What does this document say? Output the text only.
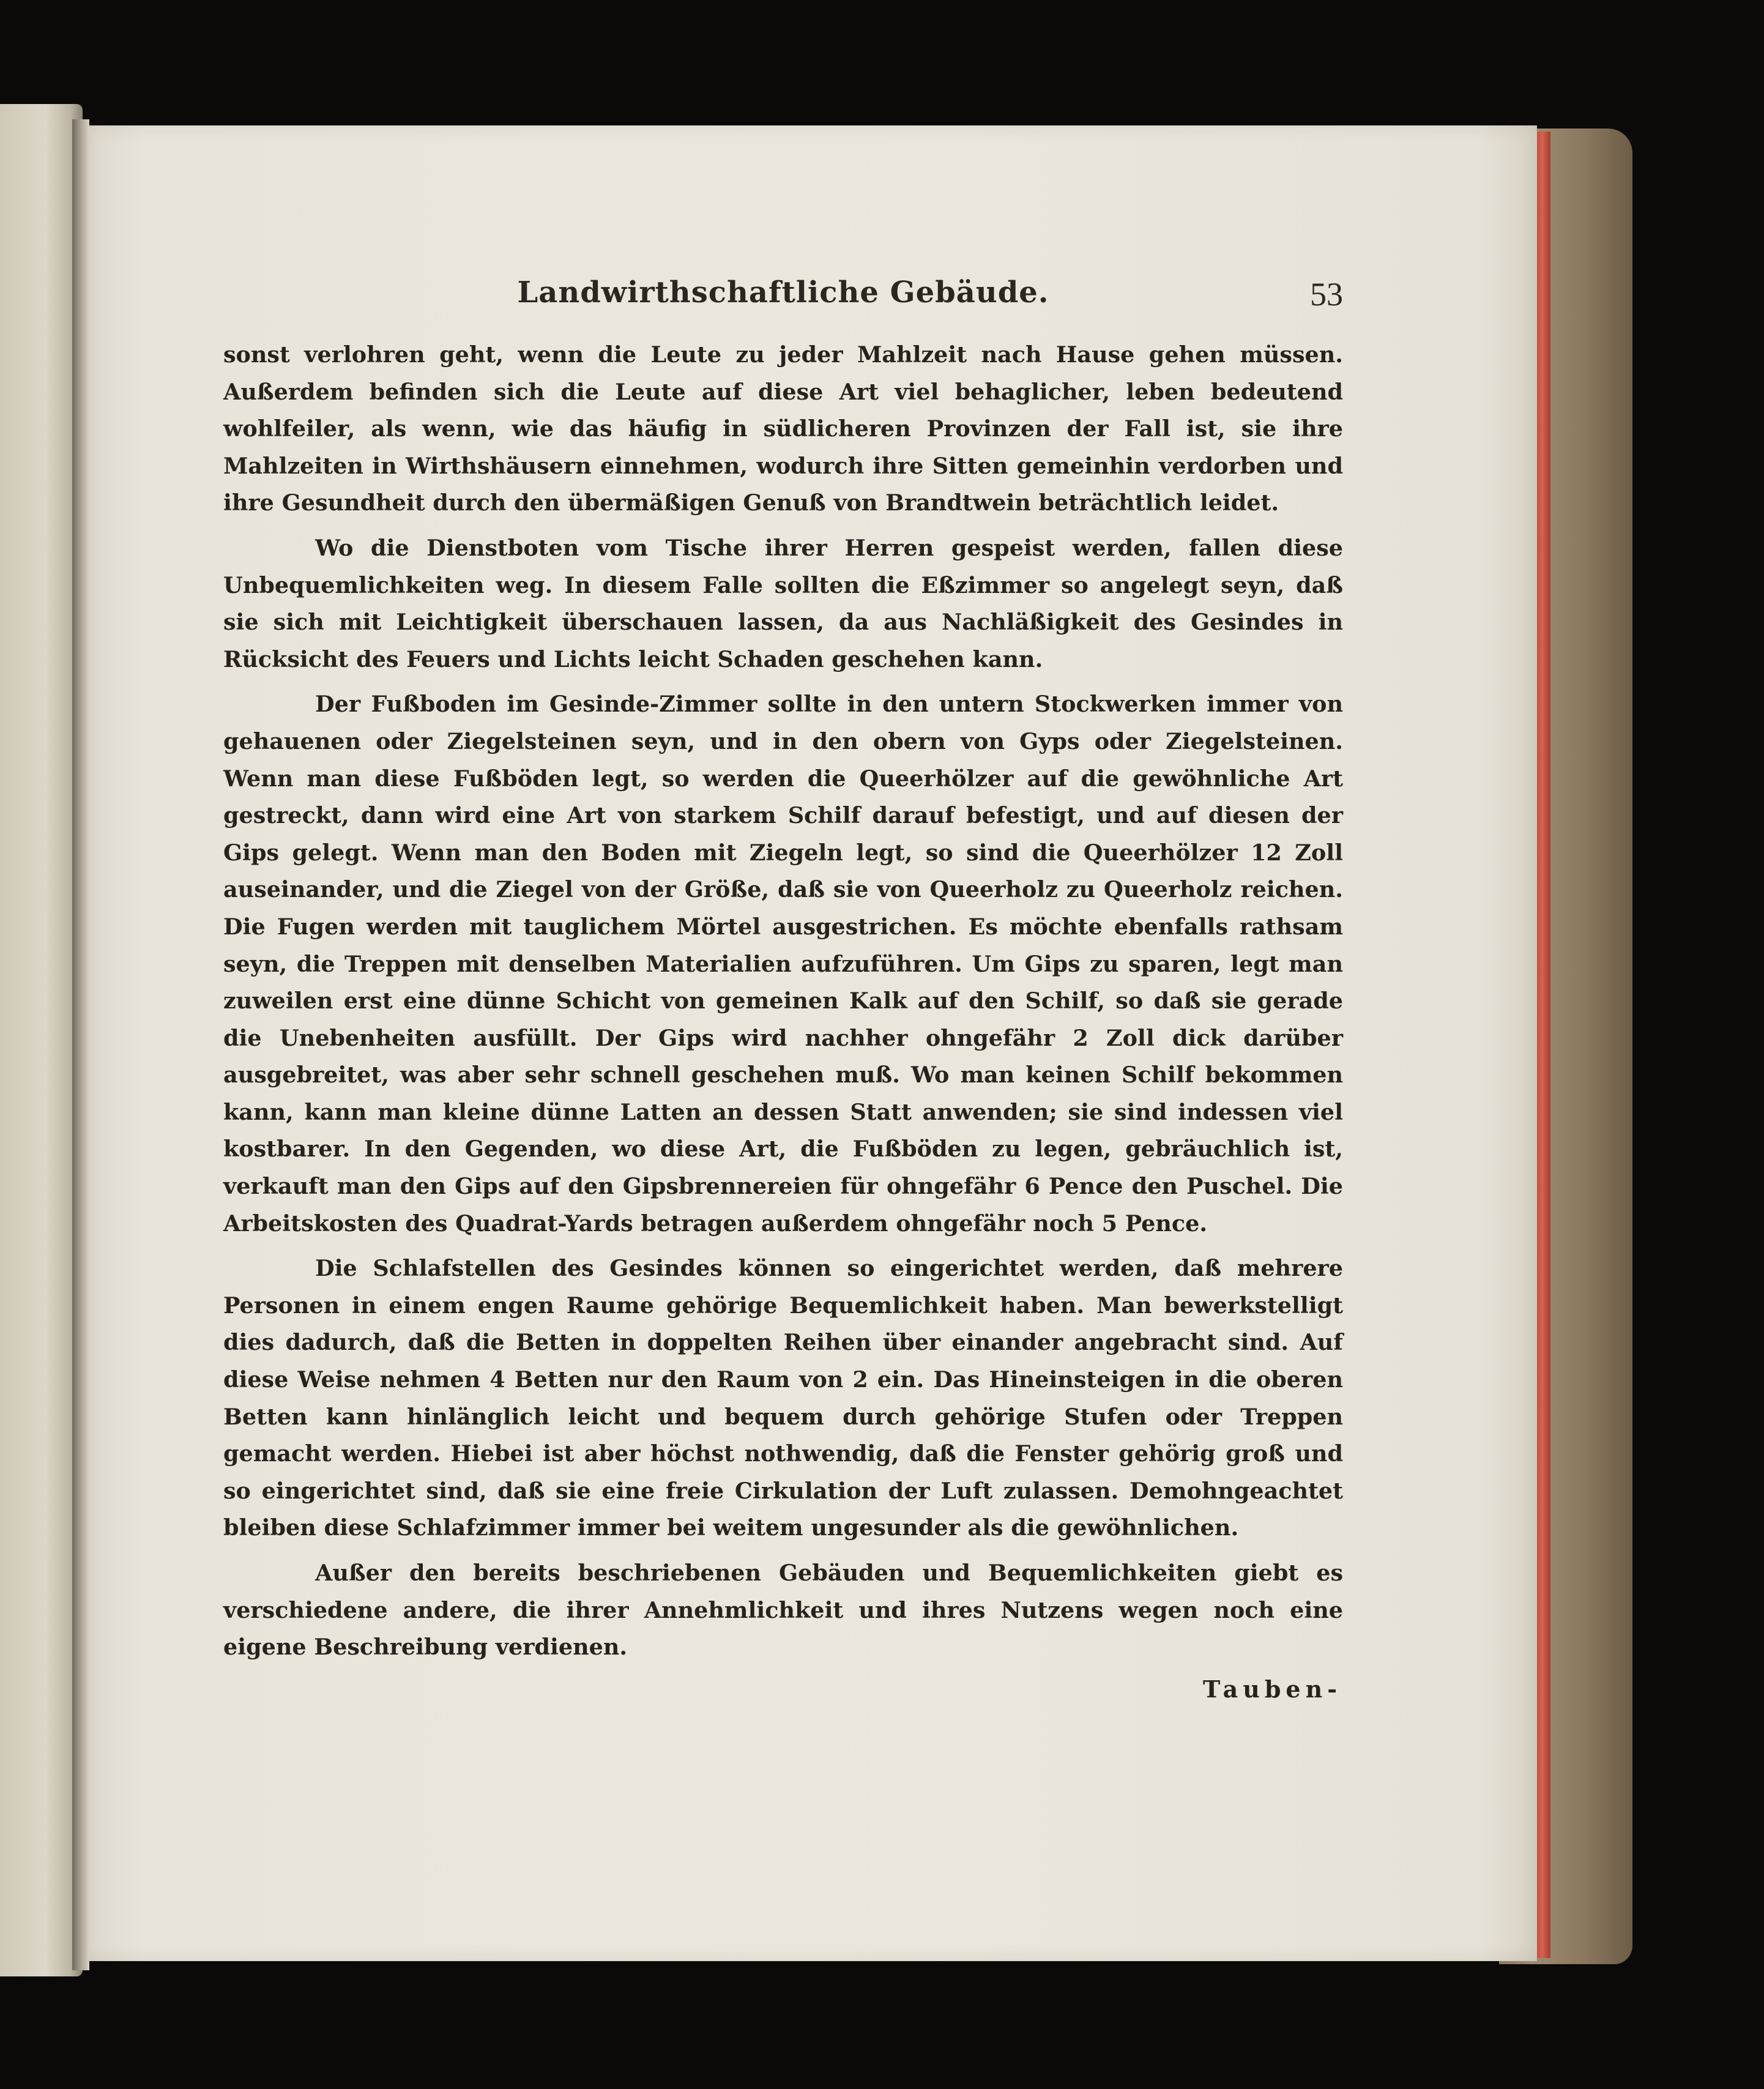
Landwirthschaftliche Gebäude.	53

sonst verlohren geht, wenn die Leute zu jeder Mahlzeit nach Hause gehen müssen. Außerdem befinden sich die Leute auf diese Art viel behaglicher, leben bedeutend wohlfeiler, als wenn, wie das häufig in südlicheren Provinzen der Fall ist, sie ihre Mahlzeiten in Wirthshäusern einnehmen, wodurch ihre Sitten gemeinhin verdorben und ihre Gesundheit durch den übermäßigen Genuß von Brandtwein beträchtlich leidet.

Wo die Dienstboten vom Tische ihrer Herren gespeist werden, fallen diese Unbequemlichkeiten weg. In diesem Falle sollten die Eßzimmer so angelegt seyn, daß sie sich mit Leichtigkeit überschauen lassen, da aus Nachläßigkeit des Gesindes in Rücksicht des Feuers und Lichts leicht Schaden geschehen kann.

Der Fußboden im Gesinde-Zimmer sollte in den untern Stockwerken immer von gehauenen oder Ziegelsteinen seyn, und in den obern von Gyps oder Ziegelsteinen. Wenn man diese Fußböden legt, so werden die Queerhölzer auf die gewöhnliche Art gestreckt, dann wird eine Art von starkem Schilf darauf befestigt, und auf diesen der Gips gelegt. Wenn man den Boden mit Ziegeln legt, so sind die Queerhölzer 12 Zoll auseinander, und die Ziegel von der Größe, daß sie von Queerholz zu Queerholz reichen. Die Fugen werden mit tauglichem Mörtel ausgestrichen. Es möchte ebenfalls rathsam seyn, die Treppen mit denselben Materialien aufzuführen. Um Gips zu sparen, legt man zuweilen erst eine dünne Schicht von gemeinen Kalk auf den Schilf, so daß sie gerade die Unebenheiten ausfüllt. Der Gips wird nachher ohngefähr 2 Zoll dick darüber ausgebreitet, was aber sehr schnell geschehen muß. Wo man keinen Schilf bekommen kann, kann man kleine dünne Latten an dessen Statt anwenden; sie sind indessen viel kostbarer. In den Gegenden, wo diese Art, die Fußböden zu legen, gebräuchlich ist, verkauft man den Gips auf den Gipsbrennereien für ohngefähr 6 Pence den Puschel. Die Arbeitskosten des Quadrat-Yards betragen außerdem ohngefähr noch 5 Pence.

Die Schlafstellen des Gesindes können so eingerichtet werden, daß mehrere Personen in einem engen Raume gehörige Bequemlichkeit haben. Man bewerkstelligt dies dadurch, daß die Betten in doppelten Reihen über einander angebracht sind. Auf diese Weise nehmen 4 Betten nur den Raum von 2 ein. Das Hineinsteigen in die oberen Betten kann hinlänglich leicht und bequem durch gehörige Stufen oder Treppen gemacht werden. Hiebei ist aber höchst nothwendig, daß die Fenster gehörig groß und so eingerichtet sind, daß sie eine freie Cirkulation der Luft zulassen. Demohngeachtet bleiben diese Schlafzimmer immer bei weitem ungesunder als die gewöhnlichen.

Außer den bereits beschriebenen Gebäuden und Bequemlichkeiten giebt es verschiedene andere, die ihrer Annehmlichkeit und ihres Nutzens wegen noch eine eigene Beschreibung verdienen.

Tauben-
